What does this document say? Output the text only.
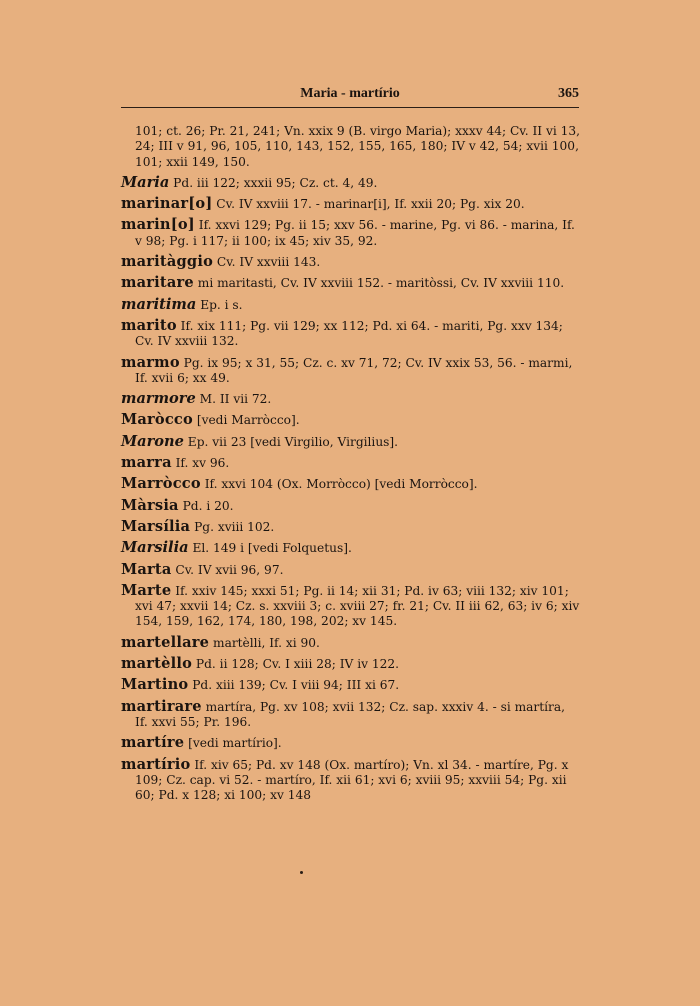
Maria - martírio	365
101; ct. 26; Pr. 21, 241; Vn. xxix 9 (B. virgo Maria); xxxv 44; Cv. II vi 13, 24; III v 91, 96, 105, 110, 143, 152, 155, 165, 180; IV v 42, 54; xvii 100, 101; xxii 149, 150.
Maria Pd. iii 122; xxxii 95; Cz. ct. 4, 49.
marinar[o] Cv. IV xxviii 17. - marinar[i], If. xxii 20; Pg. xix 20.
marin[o] If. xxvi 129; Pg. ii 15; xxv 56. - marine, Pg. vi 86. - marina, If. v 98; Pg. i 117; ii 100; ix 45; xiv 35, 92.
maritàggio Cv. IV xxviii 143.
maritare mi maritasti, Cv. IV xxviii 152. - maritòssi, Cv. IV xxviii 110.
maritima Ep. i s.
marito If. xix 111; Pg. vii 129; xx 112; Pd. xi 64. - mariti, Pg. xxv 134; Cv. IV xxviii 132.
marmo Pg. ix 95; x 31, 55; Cz. c. xv 71, 72; Cv. IV xxix 53, 56. - marmi, If. xvii 6; xx 49.
marmore M. II vii 72.
Maròcco [vedi Marròcco].
Marone Ep. vii 23 [vedi Virgilio, Virgilius].
marra If. xv 96.
Marròcco If. xxvi 104 (Ox. Morròcco) [vedi Morròcco].
Màrsia Pd. i 20.
Marsília Pg. xviii 102.
Marsilia El. 149 i [vedi Folquetus].
Marta Cv. IV xvii 96, 97.
Marte If. xxiv 145; xxxi 51; Pg. ii 14; xii 31; Pd. iv 63; viii 132; xiv 101; xvi 47; xxvii 14; Cz. s. xxviii 3; c. xviii 27; fr. 21; Cv. II iii 62, 63; iv 6; xiv 154, 159, 162, 174, 180, 198, 202; xv 145.
martellare martèlli, If. xi 90.
martèllo Pd. ii 128; Cv. I xiii 28; IV iv 122.
Martino Pd. xiii 139; Cv. I viii 94; III xi 67.
martirare martíra, Pg. xv 108; xvii 132; Cz. sap. xxxiv 4. - si martíra, If. xxvi 55; Pr. 196.
martíre [vedi martírio].
martírio If. xiv 65; Pd. xv 148 (Ox. martíro); Vn. xl 34. - martíre, Pg. x 109; Cz. cap. vi 52. - martíro, If. xii 61; xvi 6; xviii 95; xxviii 54; Pg. xii 60; Pd. x 128; xi 100; xv 148
